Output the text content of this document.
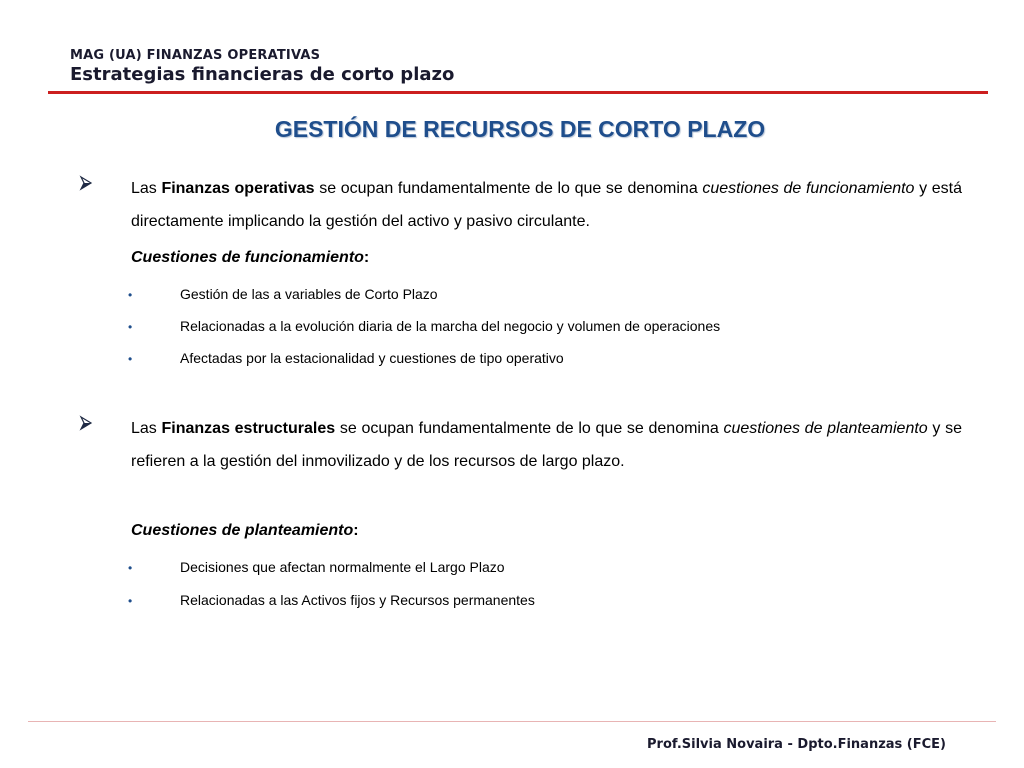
MAG (UA) FINANZAS OPERATIVAS
Estrategias financieras de corto plazo
GESTIÓN DE RECURSOS DE CORTO PLAZO
Las Finanzas operativas se ocupan fundamentalmente de lo que se denomina cuestiones de funcionamiento y está directamente implicando la gestión del activo y pasivo circulante.
Cuestiones de funcionamiento:
•	Gestión de las a variables de Corto Plazo
•	Relacionadas a la evolución diaria de la marcha del negocio y volumen de operaciones
•	Afectadas por la estacionalidad y cuestiones de tipo operativo
Las Finanzas estructurales se ocupan fundamentalmente de lo que se denomina cuestiones de planteamiento y se refieren a la gestión del inmovilizado y de los recursos de largo plazo.
Cuestiones de planteamiento:
•	Decisiones que afectan normalmente el Largo Plazo
•	Relacionadas a las Activos fijos y Recursos permanentes
Prof.Silvia Novaira - Dpto.Finanzas (FCE)
